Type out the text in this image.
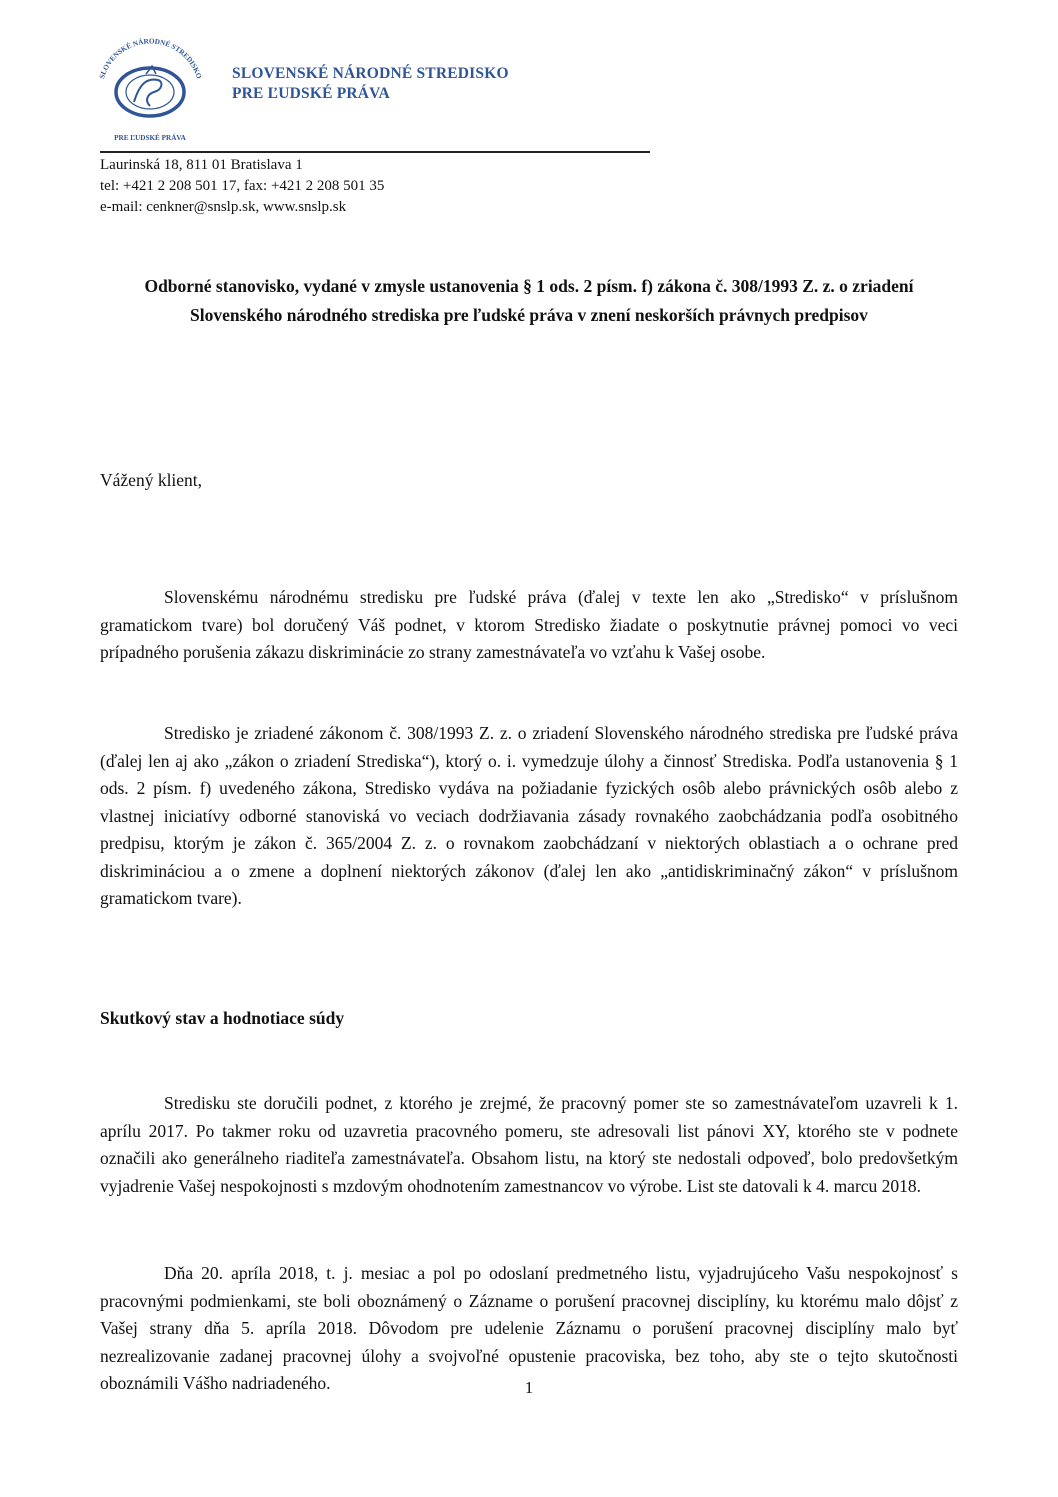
SLOVENSKÉ NÁRODNÉ STREDISKO
PRE ĽUDSKÉ PRÁVA
SLOVENSKÉ NÁRODNÉ STREDISKO
PRE ĽUDSKÉ PRÁVA
Laurinská 18, 811 01 Bratislava 1
tel: +421 2 208 501 17, fax: +421 2 208 501 35
e-mail: cenkner@snslp.sk, www.snslp.sk
Odborné stanovisko, vydané v zmysle ustanovenia § 1 ods. 2 písm. f) zákona č. 308/1993 Z. z. o zriadení Slovenského národného strediska pre ľudské práva v znení neskorších právnych predpisov
Vážený klient,
Slovenskému národnému stredisku pre ľudské práva (ďalej v texte len ako „Stredisko“ v príslušnom gramatickom tvare) bol doručený Váš podnet, v ktorom Stredisko žiadate o poskytnutie právnej pomoci vo veci prípadného porušenia zákazu diskriminácie zo strany zamestnávateľa vo vzťahu k Vašej osobe.
Stredisko je zriadené zákonom č. 308/1993 Z. z. o zriadení Slovenského národného strediska pre ľudské práva (ďalej len aj ako „zákon o zriadení Strediska“), ktorý o. i. vymedzuje úlohy a činnosť Strediska. Podľa ustanovenia § 1 ods. 2 písm. f) uvedeného zákona, Stredisko vydáva na požiadanie fyzických osôb alebo právnických osôb alebo z vlastnej iniciatívy odborné stanoviská vo veciach dodržiavania zásady rovnakého zaobchádzania podľa osobitného predpisu, ktorým je zákon č. 365/2004 Z. z. o rovnakom zaobchádzaní v niektorých oblastiach a o ochrane pred diskrimináciou a o zmene a doplnení niektorých zákonov (ďalej len ako „antidiskriminačný zákon“ v príslušnom gramatickom tvare).
Skutkový stav a hodnotiace súdy
Stredisku ste doručili podnet, z ktorého je zrejmé, že pracovný pomer ste so zamestnávateľom uzavreli k 1. aprílu 2017. Po takmer roku od uzavretia pracovného pomeru, ste adresovali list pánovi XY, ktorého ste v podnete označili ako generálneho riaditeľa zamestnávateľa. Obsahom listu, na ktorý ste nedostali odpoveď, bolo predovšetkým vyjadrenie Vašej nespokojnosti s mzdovým ohodnotením zamestnancov vo výrobe. List ste datovali k 4. marcu 2018.
Dňa 20. apríla 2018, t. j. mesiac a pol po odoslaní predmetného listu, vyjadrujúceho Vašu nespokojnosť s pracovnými podmienkami, ste boli oboznámený o Zázname o porušení pracovnej disciplíny, ku ktorému malo dôjsť z Vašej strany dňa 5. apríla 2018. Dôvodom pre udelenie Záznamu o porušení pracovnej disciplíny malo byť nezrealizovanie zadanej pracovnej úlohy a svojvoľné opustenie pracoviska, bez toho, aby ste o tejto skutočnosti oboznámili Vášho nadriadeného.	1
